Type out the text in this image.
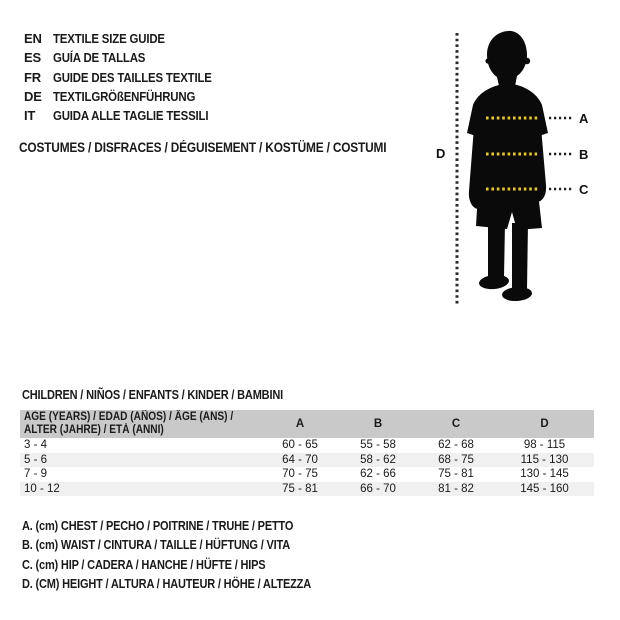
EN TEXTILE SIZE GUIDE
ES GUÍA DE TALLAS
FR GUIDE DES TAILLES TEXTILE
DE TEXTILGRÖßENFÜHRUNG
IT	GUIDA ALLE TAGLIE TESSILI
COSTUMES / DISFRACES / DÉGUISEMENT / KOSTÜME / COSTUMI
A
B
C
D
CHILDREN / NIÑOS / ENFANTS / KINDER / BAMBINI
AGE (YEARS) / EDAD (AÑOS) / ÂGE (ANS) /
ALTER (JAHRE) / ETÀ (ANNI)	A	B	C	D
3 - 4	60 - 65	55 - 58	62 - 68	98 - 115
5 - 6	64 - 70	58 - 62	68 - 75	115 - 130
7 - 9	70 - 75	62 - 66	75 - 81	130 - 145
10 - 12	75 - 81	66 - 70	81 - 82	145 - 160
A. (cm) CHEST / PECHO / POITRINE / TRUHE / PETTO
B. (cm) WAIST / CINTURA / TAILLE / HÜFTUNG / VITA
C. (cm) HIP / CADERA / HANCHE / HÜFTE / HIPS
D. (CM) HEIGHT / ALTURA / HAUTEUR / HÖHE / ALTEZZA
